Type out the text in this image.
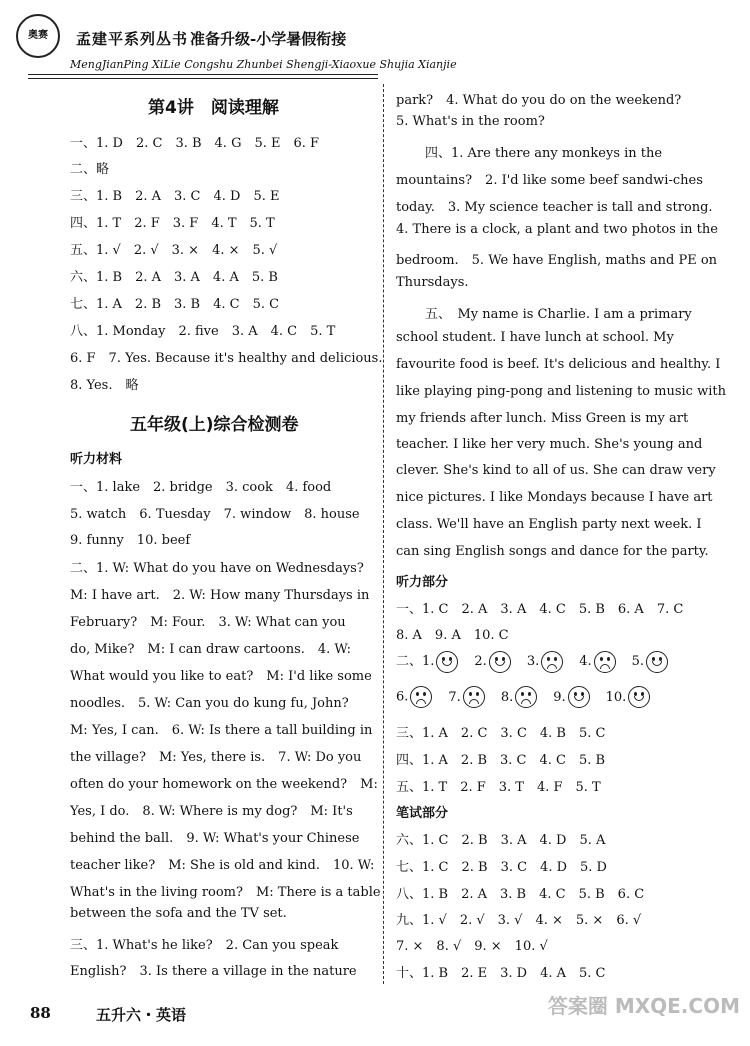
奥赛	孟建平系列丛书 准备升级-小学暑假衔接
MengJianPing XiLie Congshu Zhunbei Shengji-Xiaoxue Shujia Xianjie
第4讲　阅读理解
一、1. D　2. C　3. B　4. G　5. E　6. F
二、略
三、1. B　2. A　3. C　4. D　5. E
四、1. T　2. F　3. F　4. T　5. T
五、1. √　2. √　3. ×　4. ×　5. √
六、1. B　2. A　3. A　4. A　5. B
七、1. A　2. B　3. B　4. C　5. C
八、1. Monday　2. five　3. A　4. C　5. T
6. F　7. Yes. Because it's healthy and delicious.
8. Yes.　略
五年级(上)综合检测卷
听力材料
一、1. lake　2. bridge　3. cook　4. food
5. watch　6. Tuesday　7. window　8. house
9. funny　10. beef
二、1. W: What do you have on Wednesdays?
M: I have art.　2. W: How many Thursdays in
February?　M: Four.　3. W: What can you
do, Mike?　M: I can draw cartoons.　4. W:
What would you like to eat?　M: I'd like some
noodles.　5. W: Can you do kung fu, John?
M: Yes, I can.　6. W: Is there a tall building in
the village?　M: Yes, there is.　7. W: Do you
often do your homework on the weekend?　M:
Yes, I do.　8. W: Where is my dog?　M: It's
behind the ball.　9. W: What's your Chinese
teacher like?　M: She is old and kind.　10. W:
What's in the living room?　M: There is a table
between the sofa and the TV set.
三、1. What's he like?　2. Can you speak
English?　3. Is there a village in the nature
park?　4. What do you do on the weekend?
5. What's in the room?
四、1. Are there any monkeys in the
mountains?　2. I'd like some beef sandwi-ches
today.　3. My science teacher is tall and strong.
4. There is a clock, a plant and two photos in the
bedroom.　5. We have English, maths and PE on
Thursdays.
五、　My name is Charlie. I am a primary
school student. I have lunch at school. My
favourite food is beef. It's delicious and healthy. I
like playing ping-pong and listening to music with
my friends after lunch. Miss Green is my art
teacher. I like her very much. She's young and
clever. She's kind to all of us. She can draw very
nice pictures. I like Mondays because I have art
class. We'll have an English party next week. I
can sing English songs and dance for the party.
听力部分
一、1. C　2. A　3. A　4. C　5. B　6. A　7. C
8. A　9. A　10. C
二、1.	2.	3.	4.	5.
6.	7.	8.	9.	10.
三、1. A　2. C　3. C　4. B　5. C
四、1. A　2. B　3. C　4. C　5. B
五、1. T　2. F　3. T　4. F　5. T
笔试部分
六、1. C　2. B　3. A　4. D　5. A
七、1. C　2. B　3. C　4. D　5. D
八、1. B　2. A　3. B　4. C　5. B　6. C
九、1. √　2. √　3. √　4. ×　5. ×　6. √
7. ×　8. √　9. ×　10. √
十、1. B　2. E　3. D　4. A　5. C
88	五升六・英语	答案圈 MXQE.COM
